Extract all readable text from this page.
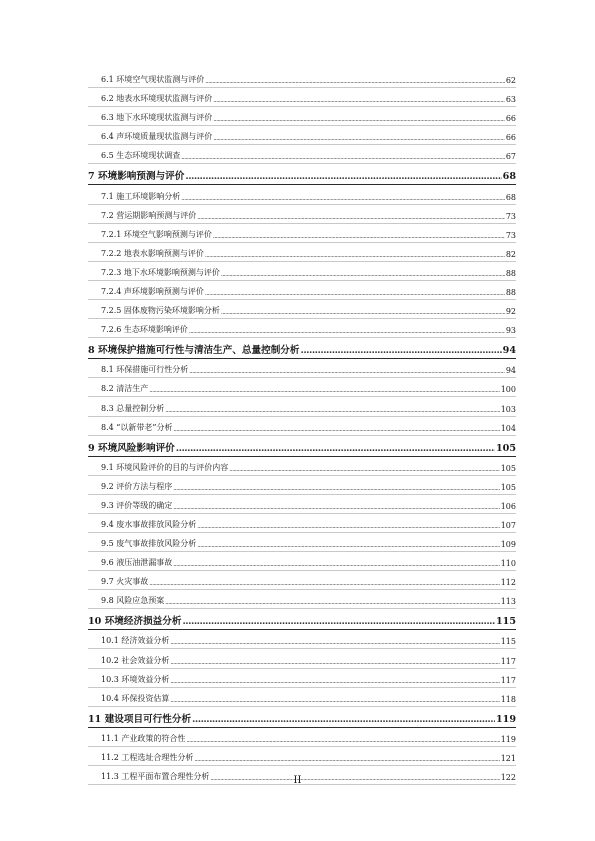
6.1 环境空气现状监测与评价 .....	62
6.2 地表水环境现状监测与评价 .....	63
6.3 地下水环境现状监测与评价 .....	66
6.4 声环境质量现状监测与评价 .....	66
6.5 生态环境现状调查 .....	67
7 环境影响预测与评价 .....	68
7.1 施工环境影响分析 .....	68
7.2 营运期影响预测与评价 .....	73
7.2.1 环境空气影响预测与评价 .....	73
7.2.2 地表水影响预测与评价 .....	82
7.2.3 地下水环境影响预测与评价 .....	88
7.2.4 声环境影响预测与评价 .....	88
7.2.5 固体废物污染环境影响分析 .....	92
7.2.6 生态环境影响评价 .....	93
8 环境保护措施可行性与清洁生产、总量控制分析 .....	94
8.1 环保措施可行性分析 .....	94
8.2 清洁生产 .....	100
8.3 总量控制分析 .....	103
8.4 “以新带老”分析 .....	104
9 环境风险影响评价 .....	105
9.1 环境风险评价的目的与评价内容 .....	105
9.2 评价方法与程序 .....	105
9.3 评价等级的确定 .....	106
9.4 废水事故排放风险分析 .....	107
9.5 废气事故排放风险分析 .....	109
9.6 液压油泄漏事故 .....	110
9.7 火灾事故 .....	112
9.8 风险应急预案 .....	113
10 环境经济损益分析 .....	115
10.1 经济效益分析 .....	115
10.2 社会效益分析 .....	117
10.3 环境效益分析 .....	117
10.4 环保投资估算 .....	118
11 建设项目可行性分析 .....	119
11.1 产业政策的符合性 .....	119
11.2 工程选址合理性分析 .....	121
11.3 工程平面布置合理性分析 .....	122
II
